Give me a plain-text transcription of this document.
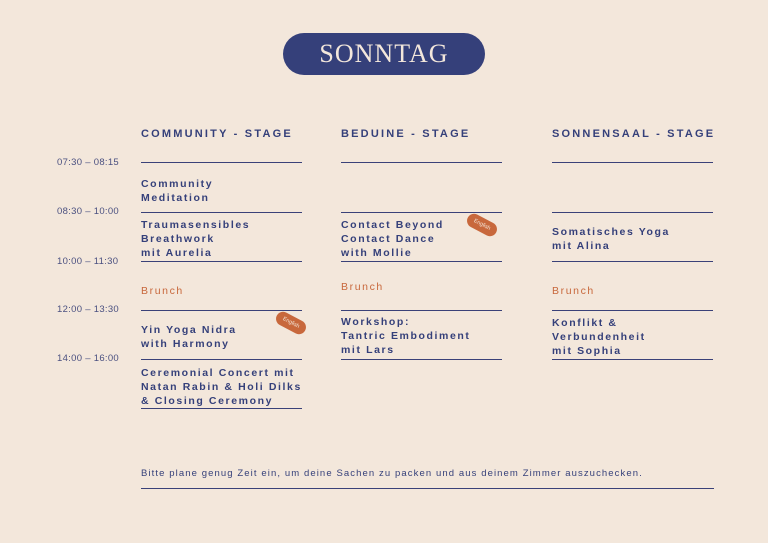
SONNTAG
COMMUNITY - STAGE	BEDUINE - STAGE	SONNENSAAL - STAGE
07:30 – 08:15
08:30 – 10:00
10:00 – 11:30
12:00 – 13:30
14:00 – 16:00
Community
Meditation
Traumasensibles
Breathwork
mit Aurelia
Brunch
Yin Yoga Nidra
with Harmony
English
Ceremonial Concert mit
Natan Rabin & Holi Dilks
& Closing Ceremony
Contact Beyond
Contact Dance
with Mollie
English
Brunch
Workshop:
Tantric Embodiment
mit Lars
Somatisches Yoga
mit Alina
Brunch
Konflikt &
Verbundenheit
mit Sophia
Bitte plane genug Zeit ein, um deine Sachen zu packen und aus deinem Zimmer auszuchecken.
